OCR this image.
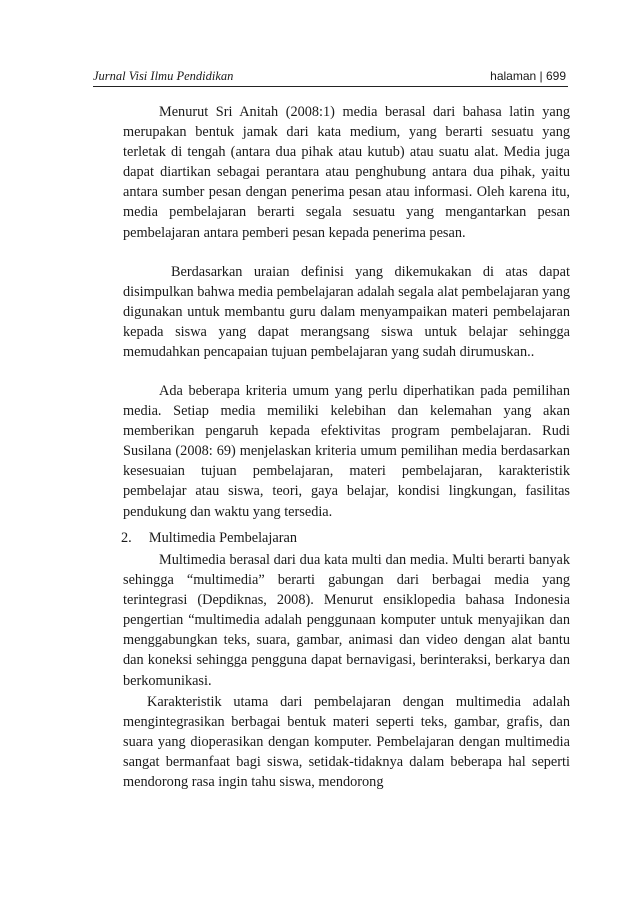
Jurnal Visi Ilmu Pendidikan	halaman | 699

Menurut Sri Anitah (2008:1) media berasal dari bahasa latin yang merupakan bentuk jamak dari kata medium, yang berarti sesuatu yang terletak di tengah (antara dua pihak atau kutub) atau suatu alat. Media juga dapat diartikan sebagai perantara atau penghubung antara dua pihak, yaitu antara sumber pesan dengan penerima pesan atau informasi. Oleh karena itu, media pembelajaran berarti segala sesuatu yang mengantarkan pesan pembelajaran antara pemberi pesan kepada penerima pesan.

Berdasarkan uraian definisi yang dikemukakan di atas dapat disimpulkan bahwa media pembelajaran adalah segala alat pembelajaran yang digunakan untuk membantu guru dalam menyampaikan materi pembelajaran kepada siswa yang dapat merangsang siswa untuk belajar sehingga memudahkan pencapaian tujuan pembelajaran yang sudah dirumuskan..

Ada beberapa kriteria umum yang perlu diperhatikan pada pemilihan media. Setiap media memiliki kelebihan dan kelemahan yang akan memberikan pengaruh kepada efektivitas program pembelajaran. Rudi Susilana (2008: 69) menjelaskan kriteria umum pemilihan media berdasarkan kesesuaian tujuan pembelajaran, materi pembelajaran, karakteristik pembelajar atau siswa, teori, gaya belajar, kondisi lingkungan, fasilitas pendukung dan waktu yang tersedia.

2. Multimedia Pembelajaran

Multimedia berasal dari dua kata multi dan media. Multi berarti banyak sehingga “multimedia” berarti gabungan dari berbagai media yang terintegrasi (Depdiknas, 2008). Menurut ensiklopedia bahasa Indonesia pengertian “multimedia adalah penggunaan komputer untuk menyajikan dan menggabungkan teks, suara, gambar, animasi dan video dengan alat bantu dan koneksi sehingga pengguna dapat bernavigasi, berinteraksi, berkarya dan berkomunikasi.

Karakteristik utama dari pembelajaran dengan multimedia adalah mengintegrasikan berbagai bentuk materi seperti teks, gambar, grafis, dan suara yang dioperasikan dengan komputer. Pembelajaran dengan multimedia sangat bermanfaat bagi siswa, setidak-tidaknya dalam beberapa hal seperti mendorong rasa ingin tahu siswa, mendorong
